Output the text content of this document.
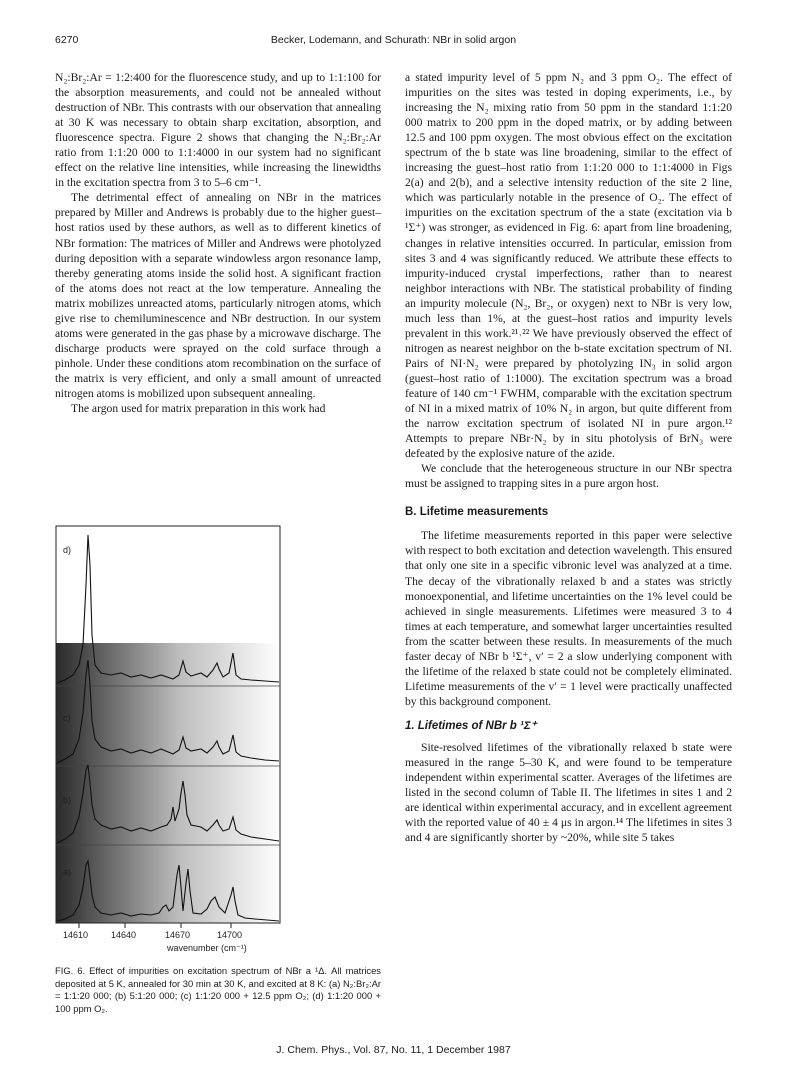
6270	Becker, Lodemann, and Schurath: NBr in solid argon

N₂:Br₂:Ar = 1:2:400 for the fluorescence study, and up to 1:1:100 for the absorption measurements, and could not be annealed without destruction of NBr. This contrasts with our observation that annealing at 30 K was necessary to obtain sharp excitation, absorption, and fluorescence spectra. Figure 2 shows that changing the N₂:Br₂:Ar ratio from 1:1:20 000 to 1:1:4000 in our system had no significant effect on the relative line intensities, while increasing the linewidths in the excitation spectra from 3 to 5–6 cm⁻¹.

The detrimental effect of annealing on NBr in the matrices prepared by Miller and Andrews is probably due to the higher guest–host ratios used by these authors, as well as to different kinetics of NBr formation: The matrices of Miller and Andrews were photolyzed during deposition with a separate windowless argon resonance lamp, thereby generating atoms inside the solid host. A significant fraction of the atoms does not react at the low temperature. Annealing the matrix mobilizes unreacted atoms, particularly nitrogen atoms, which give rise to chemiluminescence and NBr destruction. In our system atoms were generated in the gas phase by a microwave discharge. The discharge products were sprayed on the cold surface through a pinhole. Under these conditions atom recombination on the surface of the matrix is very efficient, and only a small amount of unreacted nitrogen atoms is mobilized upon subsequent annealing.

The argon used for matrix preparation in this work had

a stated impurity level of 5 ppm N₂ and 3 ppm O₂. The effect of impurities on the sites was tested in doping experiments, i.e., by increasing the N₂ mixing ratio from 50 ppm in the standard 1:1:20 000 matrix to 200 ppm in the doped matrix, or by adding between 12.5 and 100 ppm oxygen. The most obvious effect on the excitation spectrum of the b state was line broadening, similar to the effect of increasing the guest–host ratio from 1:1:20 000 to 1:1:4000 in Figs 2(a) and 2(b), and a selective intensity reduction of the site 2 line, which was particularly notable in the presence of O₂. The effect of impurities on the excitation spectrum of the a state (excitation via b ¹Σ⁺) was stronger, as evidenced in Fig. 6: apart from line broadening, changes in relative intensities occurred. In particular, emission from sites 3 and 4 was significantly reduced. We attribute these effects to impurity-induced crystal imperfections, rather than to nearest neighbor interactions with NBr. The statistical probability of finding an impurity molecule (N₂, Br₂, or oxygen) next to NBr is very low, much less than 1%, at the guest–host ratios and impurity levels prevalent in this work.²¹˒²² We have previously observed the effect of nitrogen as nearest neighbor on the b-state excitation spectrum of NI. Pairs of NI·N₂ were prepared by photolyzing IN₃ in solid argon (guest–host ratio of 1:1000). The excitation spectrum was a broad feature of 140 cm⁻¹ FWHM, comparable with the excitation spectrum of NI in a mixed matrix of 10% N₂ in argon, but quite different from the narrow excitation spectrum of isolated NI in pure argon.¹² Attempts to prepare NBr·N₂ by in situ photolysis of BrN₃ were defeated by the explosive nature of the azide.

We conclude that the heterogeneous structure in our NBr spectra must be assigned to trapping sites in a pure argon host.

B. Lifetime measurements

The lifetime measurements reported in this paper were selective with respect to both excitation and detection wavelength. This ensured that only one site in a specific vibronic level was analyzed at a time. The decay of the vibrationally relaxed b and a states was strictly monoexponential, and lifetime uncertainties on the 1% level could be achieved in single measurements. Lifetimes were measured 3 to 4 times at each temperature, and somewhat larger uncertainties resulted from the scatter between these results. In measurements of the much faster decay of NBr b ¹Σ⁺, v′ = 2 a slow underlying component with the lifetime of the relaxed b state could not be completely eliminated. Lifetime measurements of the v′ = 1 level were practically unaffected by this background component.

1. Lifetimes of NBr b ¹Σ⁺

Site-resolved lifetimes of the vibrationally relaxed b state were measured in the range 5–30 K, and were found to be temperature independent within experimental scatter. Averages of the lifetimes are listed in the second column of Table II. The lifetimes in sites 1 and 2 are identical within experimental accuracy, and in excellent agreement with the reported value of 40 ± 4 μs in argon.¹⁴ The lifetimes in sites 3 and 4 are significantly shorter by ~20%, while site 5 takes

d)
c)
b)
a)
14610	14640	14670	14700
wavenumber (cm⁻¹)
FIG. 6. Effect of impurities on excitation spectrum of NBr a ¹Δ. All matrices deposited at 5 K, annealed for 30 min at 30 K, and excited at 8 K: (a) N₂:Br₂:Ar = 1:1:20 000; (b) 5:1:20 000; (c) 1:1:20 000 + 12.5 ppm O₂; (d) 1:1:20 000 + 100 ppm O₂.
J. Chem. Phys., Vol. 87, No. 11, 1 December 1987
